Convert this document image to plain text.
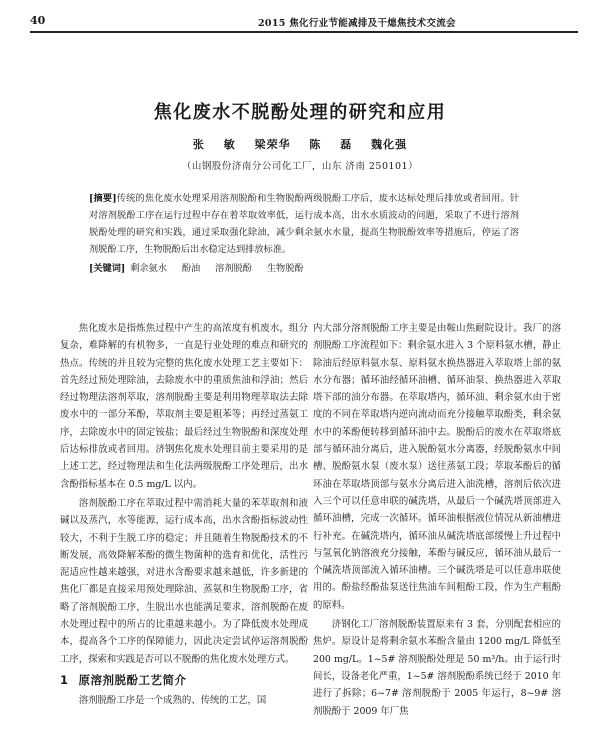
40	2015 焦化行业节能减排及干熄焦技术交流会
焦化废水不脱酚处理的研究和应用
张 敏 梁荣华 陈 磊 魏化强
（山钢股份济南分公司化工厂，山东 济南 250101）
[摘要]传统的焦化废水处理采用溶剂脱酚和生物脱酚两级脱酚工序后，废水达标处理后排放或者回用。针对溶剂脱酚工序在运行过程中存在着萃取效率低，运行成本高，出水水质波动的问题，采取了不进行溶剂脱酚处理的研究和实践，通过采取强化除油，减少剩余氨水水量，提高生物脱酚效率等措施后，停运了溶剂脱酚工序，生物脱酚后出水稳定达到排放标准。
[关键词] 剩余氨水 酚油 溶剂脱酚 生物脱酚

焦化废水是指炼焦过程中产生的高浓度有机废水，组分复杂，难降解的有机物多，一直是行业处理的难点和研究的热点。传统的并且较为完整的焦化废水处理工艺主要如下：首先经过预处理除油，去除废水中的重质焦油和浮油；然后经过物理法溶剂萃取，溶剂脱酚主要是利用物理萃取法去除废水中的一部分苯酚，萃取剂主要是粗苯等；再经过蒸氨工序，去除废水中的固定铵盐；最后经过生物脱酚和深度处理后达标排放或者回用。济钢焦化废水处理目前主要采用的是上述工艺，经过物理法和生化法两级脱酚工序处理后，出水含酚指标基本在 0.5 mg/L 以内。

溶剂脱酚工序在萃取过程中需消耗大量的苯萃取剂和液碱以及蒸汽，水等能源，运行成本高，出水含酚指标波动性较大，不利于生脱工序的稳定；并且随着生物脱酚技术的不断发展，高效降解苯酚的微生物菌种的选育和优化，活性污泥适应性越来越强，对进水含酚要求越来越低，许多新建的焦化厂都是直接采用预处理除油、蒸氨和生物脱酚工序，省略了溶剂脱酚工序，生脱出水也能满足要求，溶剂脱酚在废水处理过程中的所占的比重越来越小。为了降低废水处理成本，提高各个工序的保障能力，因此决定尝试停运溶剂脱酚工序，探索和实践是否可以不脱酚的焦化废水处理方式。

1 原溶剂脱酚工艺简介

溶剂脱酚工序是一个成熟的、传统的工艺，国

内大部分溶剂脱酚工序主要是由鞍山焦耐院设计。我厂的溶剂脱酚工序流程如下：剩余氨水进入 3 个原料氨水槽，静止除油后经原料氨水泵、原料氨水换热器进入萃取塔上部的氨水分布器；循环油经循环油槽、循环油泵、换热器进入萃取塔下部的油分布器。在萃取塔内，循环油、剩余氨水由于密度的不同在萃取塔内逆向流动而充分接触萃取酚类，剩余氨水中的苯酚便转移到循环油中去。脱酚后的废水在萃取塔底部与循环油分离后，进入脱酚氨水分离器，经脱酚氨水中间槽、脱酚氨水泵（废水泵）送往蒸氨工段；萃取苯酚后的循环油在萃取塔顶部与氨水分离后进入油洗槽，溶剂后依次进入三个可以任意串联的碱洗塔，从最后一个碱洗塔顶部进入循环油槽，完成一次循环。循环油根据液位情况从新油槽进行补充。在碱洗塔内，循环油从碱洗塔底部缓慢上升过程中与氢氧化钠溶液充分接触，苯酚与碱反应，循环油从最后一个碱洗塔顶部流入循环油槽。三个碱洗塔是可以任意串联使用的。酚盐经酚盐泵送往焦油车间粗酚工段，作为生产粗酚的原料。

济钢化工厂溶剂脱酚装置原来有 3 套，分别配套相应的焦炉。原设计是将剩余氨水苯酚含量由 1200 mg/L 降低至 200 mg/L。1~5# 溶剂脱酚处理是 50 m³/h。由于运行时间长，设备老化严重，1~5# 溶剂脱酚系统已经于 2010 年进行了拆除；6~7# 溶剂脱酚于 2005 年运行，8~9# 溶剂脱酚于 2009 年厂焦
